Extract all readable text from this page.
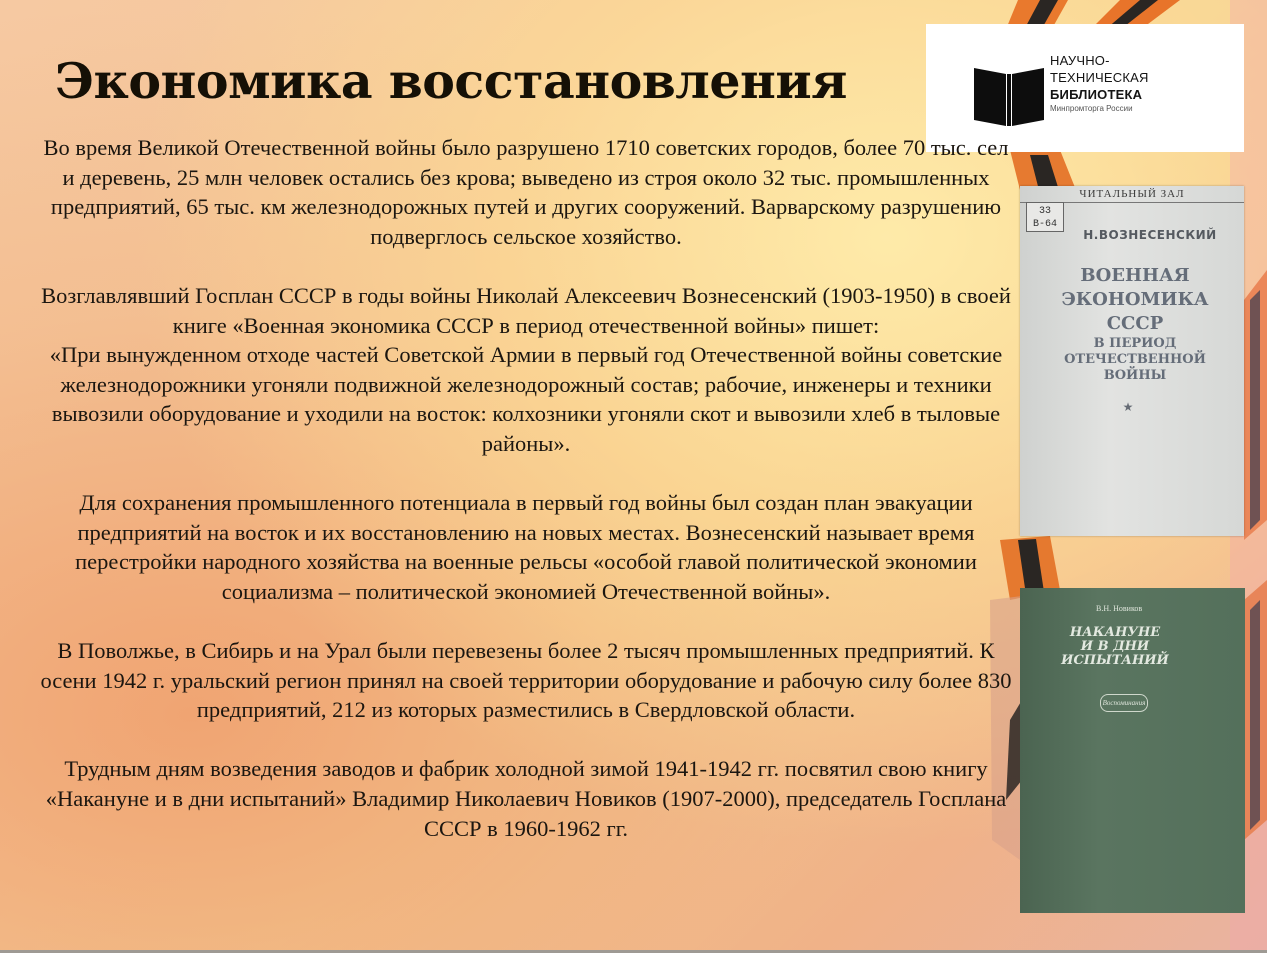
Экономика восстановления	НАУЧНО-
ТЕХНИЧЕСКАЯ
БИБЛИОТЕКА
Минпромторга России

Во время Великой Отечественной войны было разрушено 1710 советских городов, более 70 тыс. сел и деревень, 25 млн человек остались без крова; выведено из строя около 32 тыс. промышленных предприятий, 65 тыс. км железнодорожных путей и других сооружений. Варварскому разрушению подверглось сельское хозяйство.

Возглавлявший Госплан СССР в годы войны Николай Алексеевич Вознесенский (1903-1950) в своей книге «Военная экономика СССР в период отечественной войны» пишет:

«При вынужденном отходе частей Советской Армии в первый год Отечественной войны советские железнодорожники угоняли подвижной железнодорожный состав; рабочие, инженеры и техники вывозили оборудование и уходили на восток: колхозники угоняли скот и вывозили хлеб в тыловые районы».

Для сохранения промышленного потенциала в первый год войны был создан план эвакуации предприятий на восток и их восстановлению на новых местах. Вознесенский называет время перестройки народного хозяйства на военные рельсы «особой главой политической экономии социализма – политической экономией Отечественной войны».

В Поволжье, в Сибирь и на Урал были перевезены более 2 тысяч промышленных предприятий. К осени 1942 г. уральский регион принял на своей территории оборудование и рабочую силу более 830 предприятий, 212 из которых разместились в Свердловской области.

Трудным дням возведения заводов и фабрик холодной зимой 1941-1942 гг. посвятил свою книгу «Накануне и в дни испытаний» Владимир Николаевич Новиков (1907-2000), председатель Госплана СССР в 1960-1962 гг.

ЧИТАЛЬНЫЙ ЗАЛ
33
В-64
Н.ВОЗНЕСЕНСКИЙ
ВОЕННАЯ
ЭКОНОМИКА
СССР
В ПЕРИОД
ОТЕЧЕСТВЕННОЙ
ВОЙНЫ
★
В.Н. Новиков
НАКАНУНЕ
И В ДНИ
ИСПЫТАНИЙ
Воспоминания
